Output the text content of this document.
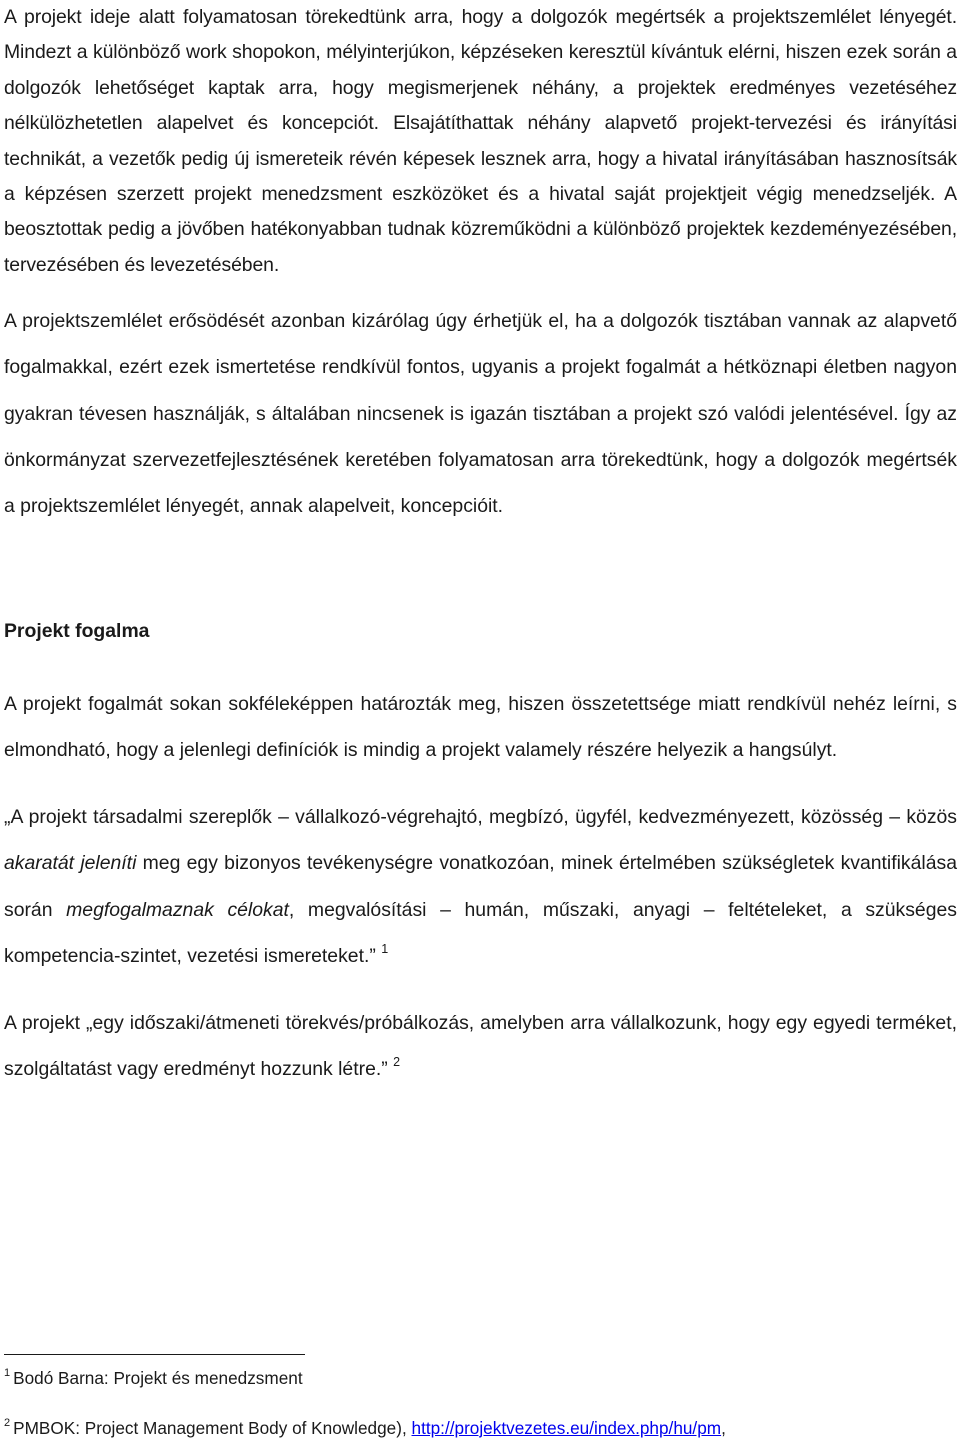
A projekt ideje alatt folyamatosan törekedtünk arra, hogy a dolgozók megértsék a projektszemlélet lényegét. Mindezt a különböző work shopokon, mélyinterjúkon, képzéseken keresztül kívántuk elérni, hiszen ezek során a dolgozók lehetőséget kaptak arra, hogy megismerjenek néhány, a projektek eredményes vezetéséhez nélkülözhetetlen alapelvet és koncepciót. Elsajátíthattak néhány alapvető projekt-tervezési és irányítási technikát, a vezetők pedig új ismereteik révén képesek lesznek arra, hogy a hivatal irányításában hasznosítsák a képzésen szerzett projekt menedzsment eszközöket és a hivatal saját projektjeit végig menedzseljék. A beosztottak pedig a jövőben hatékonyabban tudnak közreműködni a különböző projektek kezdeményezésében, tervezésében és levezetésében.

A projektszemlélet erősödését azonban kizárólag úgy érhetjük el, ha a dolgozók tisztában vannak az alapvető fogalmakkal, ezért ezek ismertetése rendkívül fontos, ugyanis a projekt fogalmát a hétköznapi életben nagyon gyakran tévesen használják, s általában nincsenek is igazán tisztában a projekt szó valódi jelentésével. Így az önkormányzat szervezetfejlesztésének keretében folyamatosan arra törekedtünk, hogy a dolgozók megértsék a projektszemlélet lényegét, annak alapelveit, koncepcióit.

Projekt fogalma

A projekt fogalmát sokan sokféleképpen határozták meg, hiszen összetettsége miatt rendkívül nehéz leírni, s elmondható, hogy a jelenlegi definíciók is mindig a projekt valamely részére helyezik a hangsúlyt.

„A projekt társadalmi szereplők – vállalkozó-végrehajtó, megbízó, ügyfél, kedvezményezett, közösség – közös akaratát jeleníti meg egy bizonyos tevékenységre vonatkozóan, minek értelmében szükségletek kvantifikálása során megfogalmaznak célokat, megvalósítási – humán, műszaki, anyagi – feltételeket, a szükséges kompetencia-szintet, vezetési ismereteket.” $^1$

A projekt „egy időszaki/átmeneti törekvés/próbálkozás, amelyben arra vállalkozunk, hogy egy egyedi terméket, szolgáltatást vagy eredményt hozzunk létre.” $^2$

$^1$ Bodó Barna: Projekt és menedzsment

$^2$ PMBOK: Project Management Body of Knowledge), http://projektvezetes.eu/index.php/hu/pm,
